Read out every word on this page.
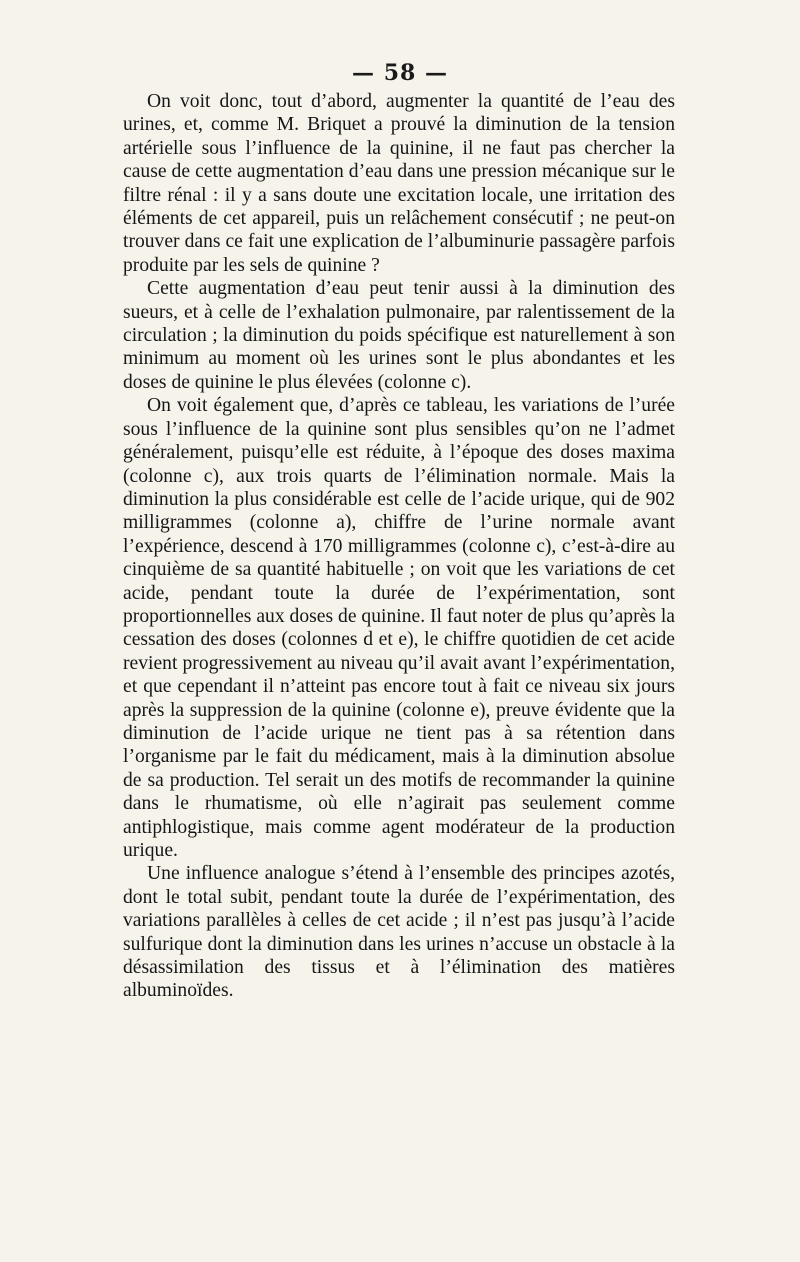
— 58 —

On voit donc, tout d’abord, augmenter la quantité de l’eau des urines, et, comme M. Briquet a prouvé la diminution de la tension artérielle sous l’influence de la quinine, il ne faut pas chercher la cause de cette augmentation d’eau dans une pression mécanique sur le filtre rénal : il y a sans doute une excitation locale, une irritation des éléments de cet appareil, puis un relâchement consécutif ; ne peut-on trouver dans ce fait une explication de l’albuminurie passagère parfois produite par les sels de quinine ?

Cette augmentation d’eau peut tenir aussi à la diminution des sueurs, et à celle de l’exhalation pulmonaire, par ralentissement de la circulation ; la diminution du poids spécifique est naturellement à son minimum au moment où les urines sont le plus abondantes et les doses de quinine le plus élevées (colonne c).

On voit également que, d’après ce tableau, les variations de l’urée sous l’influence de la quinine sont plus sensibles qu’on ne l’admet généralement, puisqu’elle est réduite, à l’époque des doses maxima (colonne c), aux trois quarts de l’élimination normale. Mais la diminution la plus considérable est celle de l’acide urique, qui de 902 milligrammes (colonne a), chiffre de l’urine normale avant l’expérience, descend à 170 milligrammes (colonne c), c’est-à-dire au cinquième de sa quantité habituelle ; on voit que les variations de cet acide, pendant toute la durée de l’expérimentation, sont proportionnelles aux doses de quinine. Il faut noter de plus qu’après la cessation des doses (colonnes d et e), le chiffre quotidien de cet acide revient progressivement au niveau qu’il avait avant l’expérimentation, et que cependant il n’atteint pas encore tout à fait ce niveau six jours après la suppression de la quinine (colonne e), preuve évidente que la diminution de l’acide urique ne tient pas à sa rétention dans l’organisme par le fait du médicament, mais à la diminution absolue de sa production. Tel serait un des motifs de recommander la quinine dans le rhumatisme, où elle n’agirait pas seulement comme antiphlogistique, mais comme agent modérateur de la production urique.

Une influence analogue s’étend à l’ensemble des principes azotés, dont le total subit, pendant toute la durée de l’expérimentation, des variations parallèles à celles de cet acide ; il n’est pas jusqu’à l’acide sulfurique dont la diminution dans les urines n’accuse un obstacle à la désassimilation des tissus et à l’élimination des matières albuminoïdes.
